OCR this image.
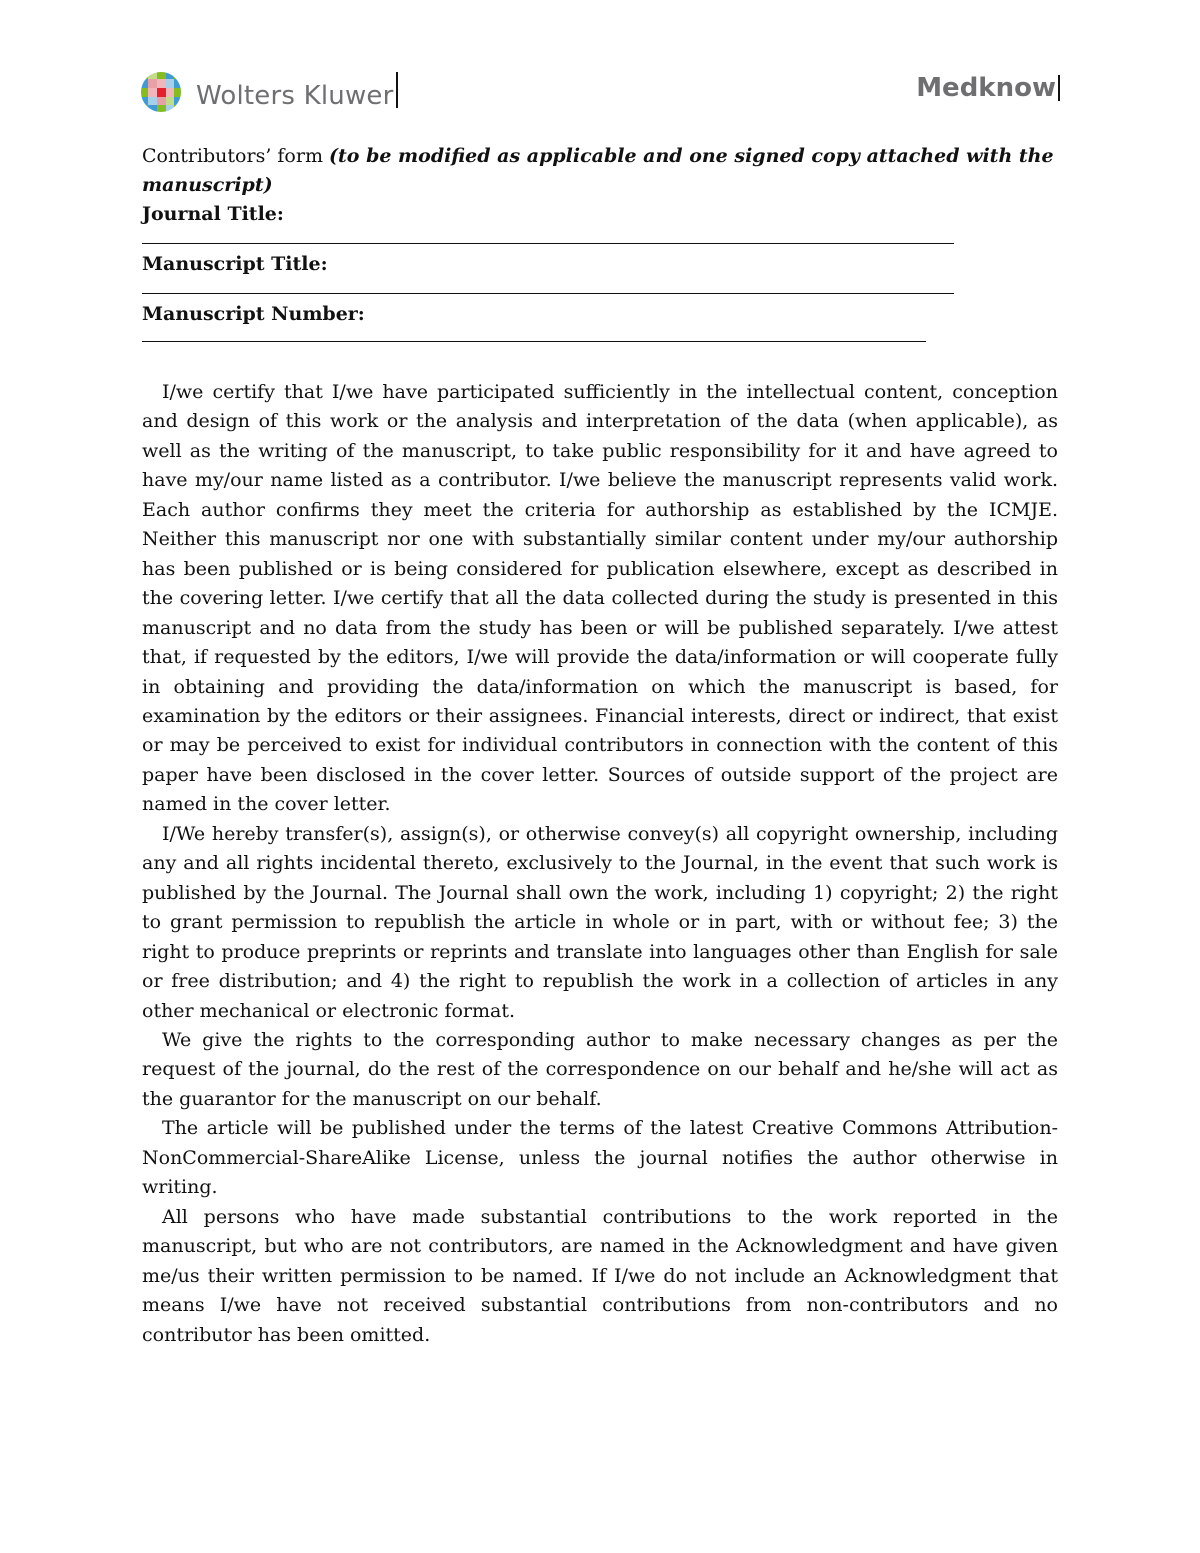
Wolters Kluwer	Medknow

Contributors’ form (to be modified as applicable and one signed copy attached with the manuscript)

Journal Title:

Manuscript Title:

Manuscript Number:

I/we certify that I/we have participated sufficiently in the intellectual content, conception and design of this work or the analysis and interpretation of the data (when applicable), as well as the writing of the manuscript, to take public responsibility for it and have agreed to have my/our name listed as a contributor. I/we believe the manuscript represents valid work. Each author confirms they meet the criteria for authorship as established by the ICMJE. Neither this manuscript nor one with substantially similar content under my/our authorship has been published or is being considered for publication elsewhere, except as described in the covering letter. I/we certify that all the data collected during the study is presented in this manuscript and no data from the study has been or will be published separately. I/we attest that, if requested by the editors, I/we will provide the data/information or will cooperate fully in obtaining and providing the data/information on which the manuscript is based, for examination by the editors or their assignees. Financial interests, direct or indirect, that exist or may be perceived to exist for individual contributors in connection with the content of this paper have been disclosed in the cover letter. Sources of outside support of the project are named in the cover letter.

I/We hereby transfer(s), assign(s), or otherwise convey(s) all copyright ownership, including any and all rights incidental thereto, exclusively to the Journal, in the event that such work is published by the Journal. The Journal shall own the work, including 1) copyright; 2) the right to grant permission to republish the article in whole or in part, with or without fee; 3) the right to produce preprints or reprints and translate into languages other than English for sale or free distribution; and 4) the right to republish the work in a collection of articles in any other mechanical or electronic format.

We give the rights to the corresponding author to make necessary changes as per the request of the journal, do the rest of the correspondence on our behalf and he/she will act as the guarantor for the manuscript on our behalf.

The article will be published under the terms of the latest Creative Commons Attribution-NonCommercial-ShareAlike License, unless the journal notifies the author otherwise in writing.

All persons who have made substantial contributions to the work reported in the manuscript, but who are not contributors, are named in the Acknowledgment and have given me/us their written permission to be named. If I/we do not include an Acknowledgment that means I/we have not received substantial contributions from non-contributors and no contributor has been omitted.
